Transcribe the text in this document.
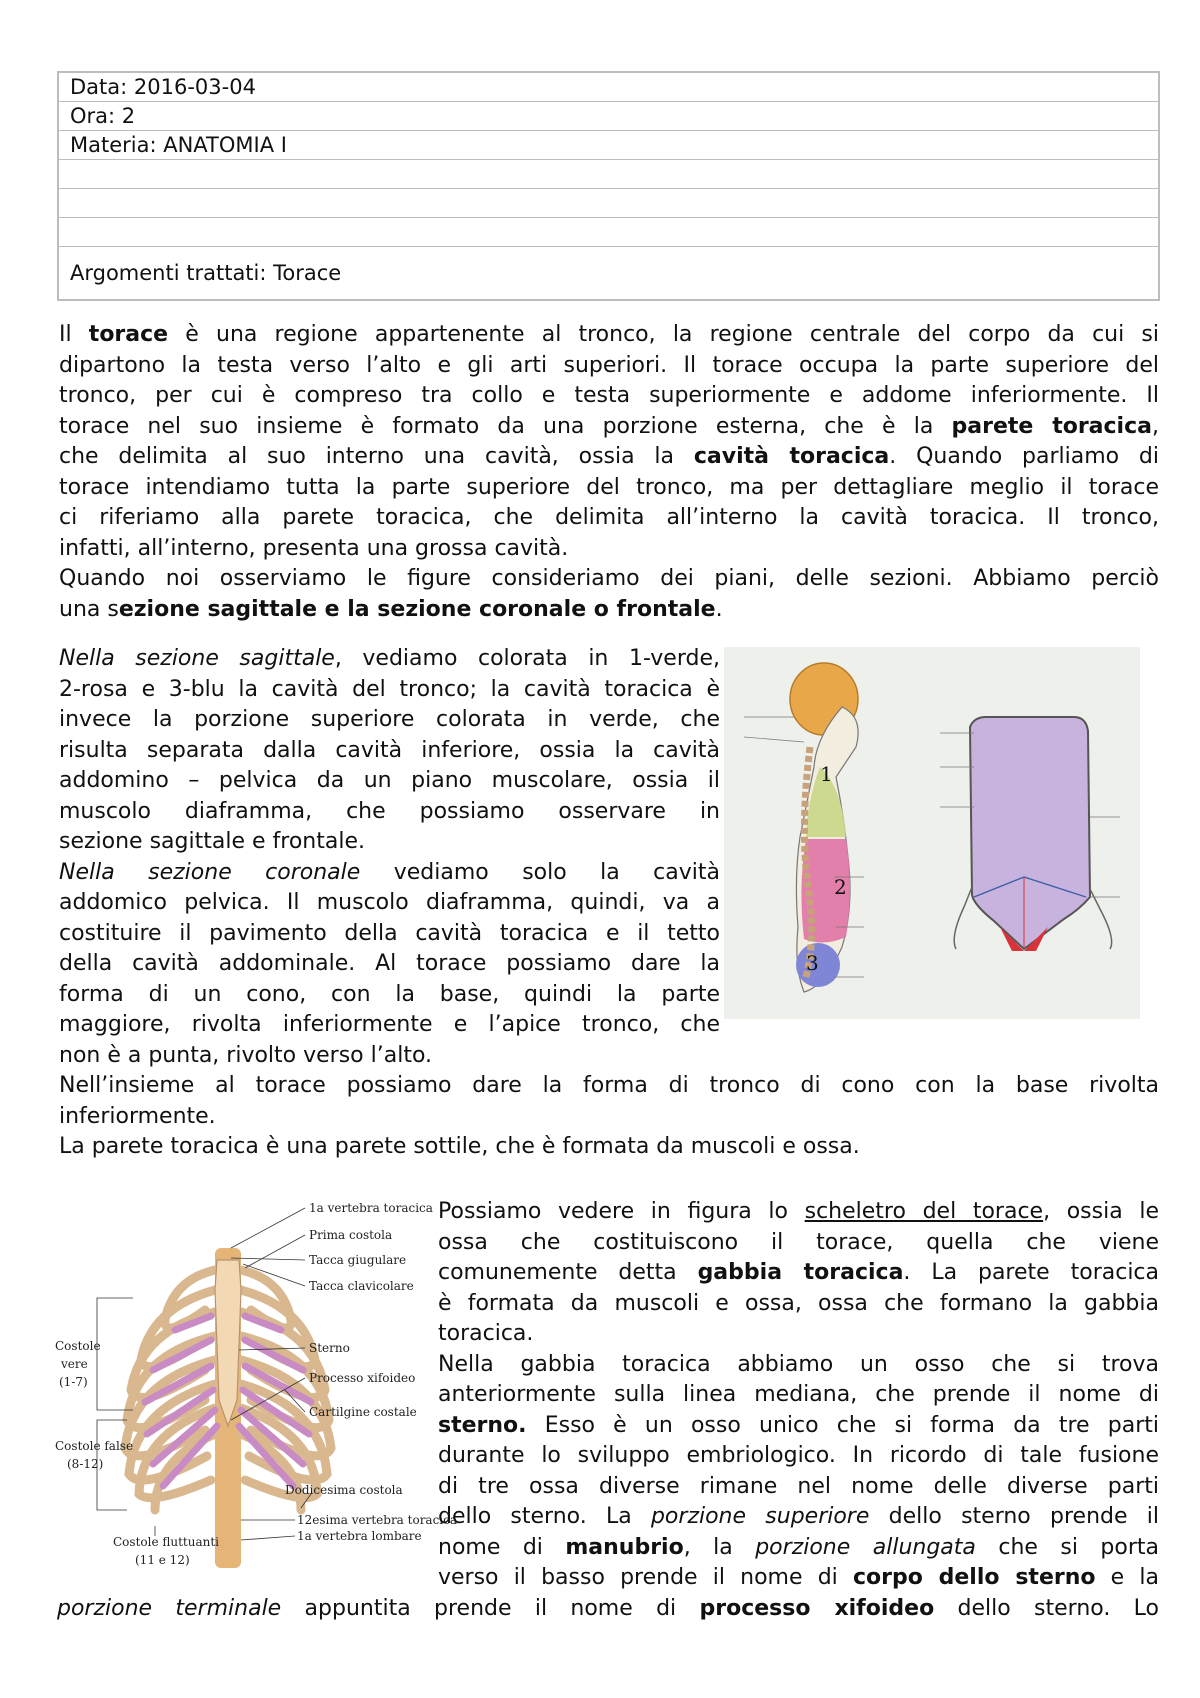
Data: 2016-03-04
Ora: 2
Materia: ANATOMIA I
Argomenti trattati: Torace

Il torace è una regione appartenente al tronco, la regione centrale del corpo da cui si
dipartono la testa verso l’alto e gli arti superiori. Il torace occupa la parte superiore del
tronco, per cui è compreso tra collo e testa superiormente e addome inferiormente. Il
torace nel suo insieme è formato da una porzione esterna, che è la parete toracica,
che delimita al suo interno una cavità, ossia la cavità toracica. Quando parliamo di
torace intendiamo tutta la parte superiore del tronco, ma per dettagliare meglio il torace
ci riferiamo alla parete toracica, che delimita all’interno la cavità toracica. Il tronco,
infatti, all’interno, presenta una grossa cavità.
Quando noi osserviamo le figure consideriamo dei piani, delle sezioni. Abbiamo perciò
una sezione sagittale e la sezione coronale o frontale.

Nella sezione sagittale, vediamo colorata in 1-verde,
2-rosa e 3-blu la cavità del tronco; la cavità toracica è
invece la porzione superiore colorata in verde, che
risulta separata dalla cavità inferiore, ossia la cavità
addomino – pelvica da un piano muscolare, ossia il
muscolo diaframma, che possiamo osservare in
sezione sagittale e frontale.
Nella sezione coronale vediamo solo la cavità
addomico pelvica. Il muscolo diaframma, quindi, va a
costituire il pavimento della cavità toracica e il tetto
della cavità addominale. Al torace possiamo dare la
forma di un cono, con la base, quindi la parte
maggiore, rivolta inferiormente e l’apice tronco, che
non è a punta, rivolto verso l’alto.

1
2
3

Nell’insieme al torace possiamo dare la forma di tronco di cono con la base rivolta
inferiormente.
La parete toracica è una parete sottile, che è formata da muscoli e ossa.

1a vertebra toracica
Prima costola
Tacca giugulare
Tacca clavicolare
Sterno
Processo xifoideo
Cartilgine costale
Dodicesima costola
12esima vertebra toracica
1a vertebra lombare
Costole
vere
(1-7)
Costole false
(8-12)
Costole fluttuanti
(11 e 12)

Possiamo vedere in figura lo scheletro del torace, ossia le
ossa che costituiscono il torace, quella che viene
comunemente detta gabbia toracica. La parete toracica
è formata da muscoli e ossa, ossa che formano la gabbia
toracica.
Nella gabbia toracica abbiamo un osso che si trova
anteriormente sulla linea mediana, che prende il nome di
sterno. Esso è un osso unico che si forma da tre parti
durante lo sviluppo embriologico. In ricordo di tale fusione
di tre ossa diverse rimane nel nome delle diverse parti
dello sterno. La porzione superiore dello sterno prende il
nome di manubrio, la porzione allungata che si porta
verso il basso prende il nome di corpo dello sterno e la

porzione terminale appuntita prende il nome di processo xifoideo dello sterno. Lo
